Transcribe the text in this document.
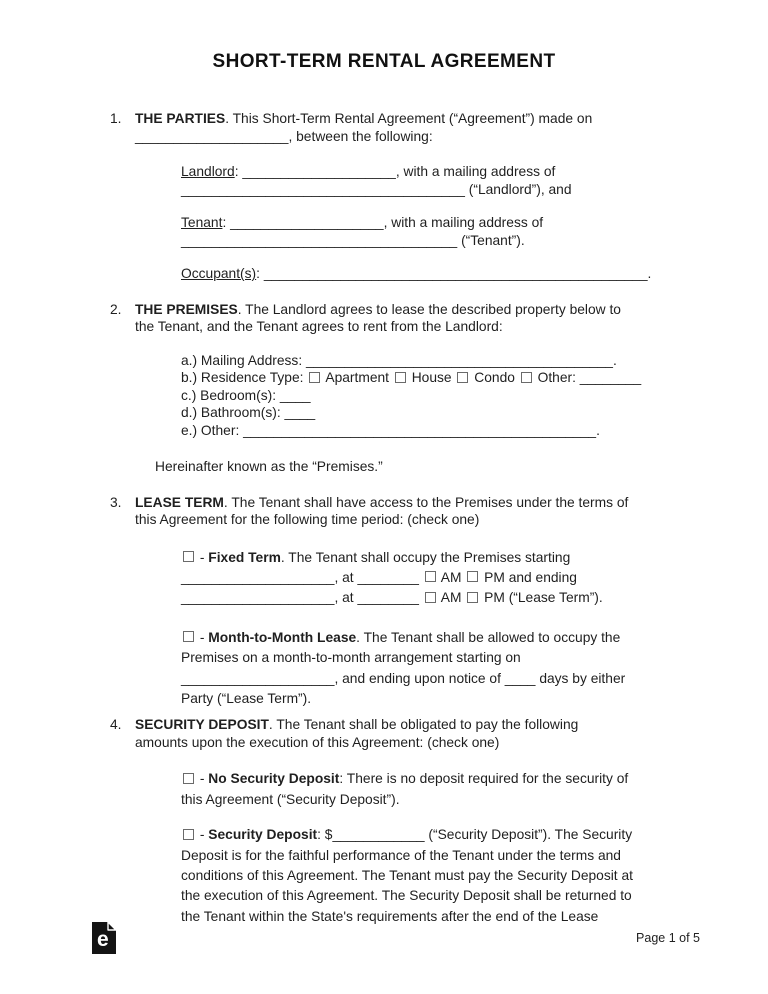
SHORT-TERM RENTAL AGREEMENT
1. THE PARTIES. This Short-Term Rental Agreement (“Agreement”) made on
____________________, between the following:
Landlord: ____________________, with a mailing address of
_____________________________________ (“Landlord”), and
Tenant: ____________________, with a mailing address of
____________________________________ (“Tenant”).
Occupant(s): __________________________________________________.
2. THE PREMISES. The Landlord agrees to lease the described property below to
the Tenant, and the Tenant agrees to rent from the Landlord:
a.) Mailing Address: ________________________________________.
b.) Residence Type:  Apartment  House  Condo  Other: ________
c.) Bedroom(s): ____
d.) Bathroom(s): ____
e.) Other: ______________________________________________.
Hereinafter known as the “Premises.”
3. LEASE TERM. The Tenant shall have access to the Premises under the terms of
this Agreement for the following time period: (check one)
- Fixed Term. The Tenant shall occupy the Premises starting
____________________, at ________  AM  PM and ending
____________________, at ________  AM  PM (“Lease Term”).
- Month-to-Month Lease. The Tenant shall be allowed to occupy the
Premises on a month-to-month arrangement starting on
____________________, and ending upon notice of ____ days by either
Party (“Lease Term”).
4. SECURITY DEPOSIT. The Tenant shall be obligated to pay the following
amounts upon the execution of this Agreement: (check one)
- No Security Deposit: There is no deposit required for the security of
this Agreement (“Security Deposit”).
- Security Deposit: $____________ (“Security Deposit”). The Security
Deposit is for the faithful performance of the Tenant under the terms and
conditions of this Agreement. The Tenant must pay the Security Deposit at
the execution of this Agreement. The Security Deposit shall be returned to
the Tenant within the State's requirements after the end of the Lease
e	Page 1 of 5
